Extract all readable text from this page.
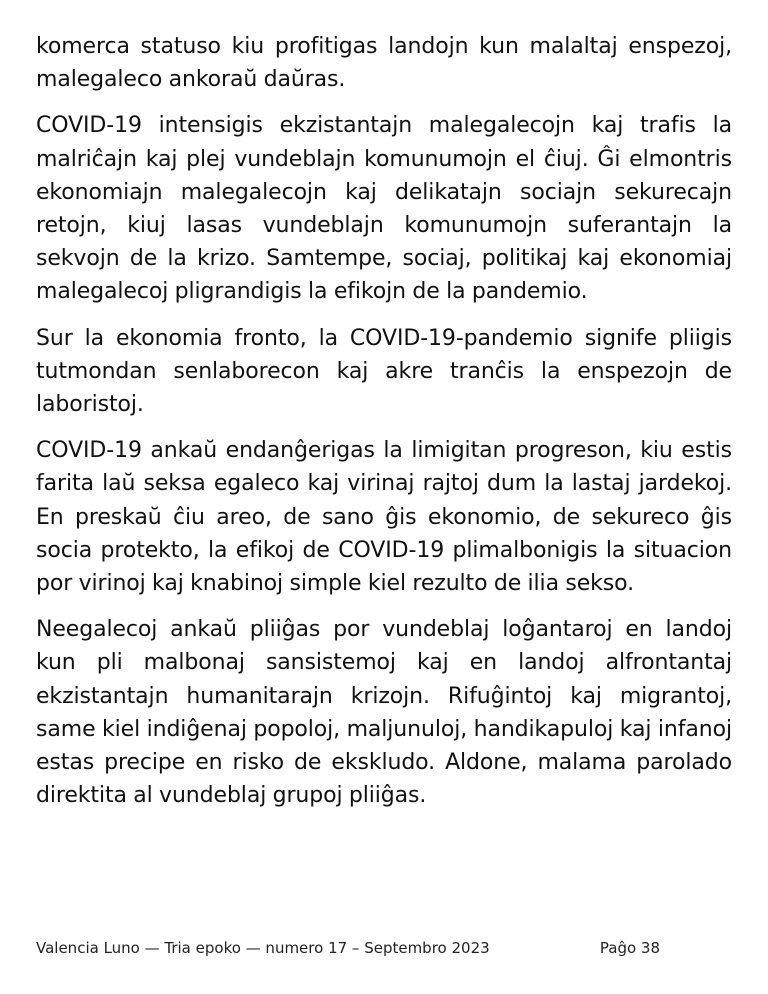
komerca statuso kiu profitigas landojn kun malaltaj enspezoj, malegaleco ankoraŭ daŭras.

COVID-19 intensigis ekzistantajn malegalecojn kaj trafis la malriĉajn kaj plej vundeblajn komunumojn el ĉiuj. Ĝi elmontris ekonomiajn malegalecojn kaj delikatajn sociajn sekurecajn retojn, kiuj lasas vundeblajn komunumojn suferantajn la sekvojn de la krizo. Samtempe, sociaj, politikaj kaj ekonomiaj malegalecoj pligrandigis la efikojn de la pandemio.

Sur la ekonomia fronto, la COVID-19-pandemio signife pliigis tutmondan senlaborecon kaj akre tranĉis la enspezojn de laboristoj.

COVID-19 ankaŭ endanĝerigas la limigitan progreson, kiu estis farita laŭ seksa egaleco kaj virinaj rajtoj dum la lastaj jardekoj. En preskaŭ ĉiu areo, de sano ĝis ekonomio, de sekureco ĝis socia protekto, la efikoj de COVID-19 plimalbonigis la situacion por virinoj kaj knabinoj simple kiel rezulto de ilia sekso.

Neegalecoj ankaŭ pliiĝas por vundeblaj loĝantaroj en landoj kun pli malbonaj sansistemoj kaj en landoj alfrontantaj ekzistantajn humanitarajn krizojn. Rifuĝintoj kaj migrantoj, same kiel indiĝenaj popoloj, maljunuloj, handikapuloj kaj infanoj estas precipe en risko de ekskludo. Aldone, malama parolado direktita al vundeblaj grupoj pliiĝas.

Valencia Luno — Tria epoko — numero 17 – Septembro 2023	Paĝo 38
